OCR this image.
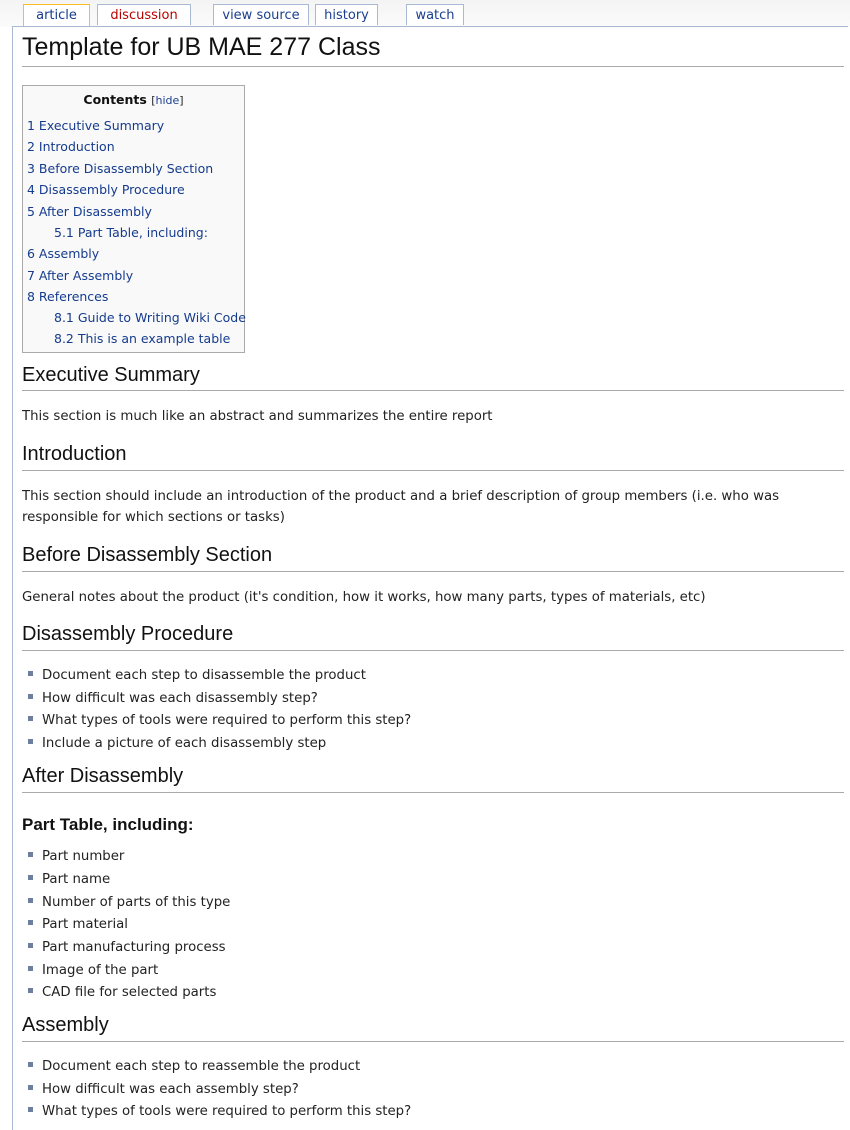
article	discussion	view source	history	watch
Template for UB MAE 277 Class
Contents [hide]
1 Executive Summary
2 Introduction
3 Before Disassembly Section
4 Disassembly Procedure
5 After Disassembly
5.1 Part Table, including:
6 Assembly
7 After Assembly
8 References
8.1 Guide to Writing Wiki Code
8.2 This is an example table
Executive Summary

This section is much like an abstract and summarizes the entire report

Introduction

This section should include an introduction of the product and a brief description of group members (i.e. who was responsible for which sections or tasks)

Before Disassembly Section

General notes about the product (it's condition, how it works, how many parts, types of materials, etc)

Disassembly Procedure
Document each step to disassemble the product
How difficult was each disassembly step?
What types of tools were required to perform this step?
Include a picture of each disassembly step
After Disassembly
Part Table, including:
Part number
Part name
Number of parts of this type
Part material
Part manufacturing process
Image of the part
CAD file for selected parts
Assembly
Document each step to reassemble the product
How difficult was each assembly step?
What types of tools were required to perform this step?
